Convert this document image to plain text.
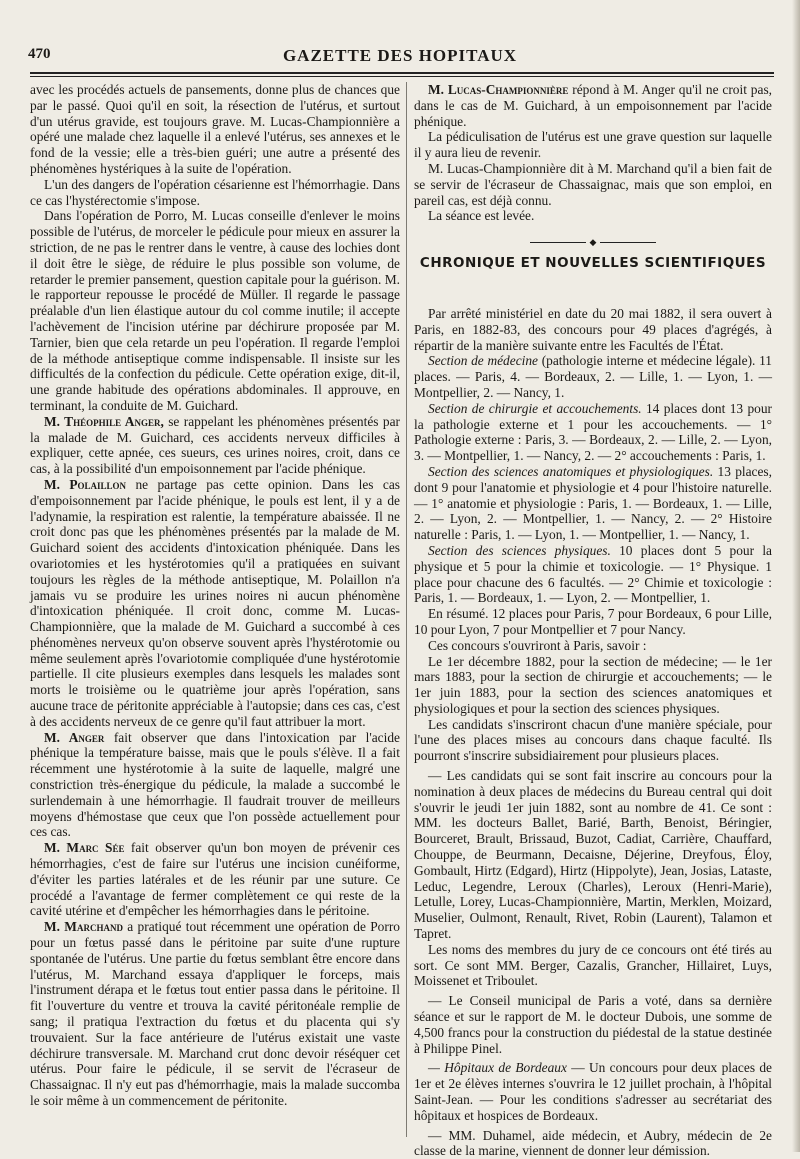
470	GAZETTE DES HOPITAUX

avec les procédés actuels de pansements, donne plus de chances que par le passé. Quoi qu'il en soit, la résection de l'utérus, et surtout d'un utérus gravide, est toujours grave. M. Lucas-Championnière a opéré une malade chez laquelle il a enlevé l'utérus, ses annexes et le fond de la vessie; elle a très-bien guéri; une autre a présenté des phénomènes hystériques à la suite de l'opération.

L'un des dangers de l'opération césarienne est l'hémorrhagie. Dans ce cas l'hystérectomie s'impose.

Dans l'opération de Porro, M. Lucas conseille d'enlever le moins possible de l'utérus, de morceler le pédicule pour mieux en assurer la striction, de ne pas le rentrer dans le ventre, à cause des lochies dont il doit être le siège, de réduire le plus possible son volume, de retarder le premier pansement, question capitale pour la guérison. M. le rapporteur repousse le procédé de Müller. Il regarde le passage préalable d'un lien élastique autour du col comme inutile; il accepte l'achèvement de l'incision utérine par déchirure proposée par M. Tarnier, bien que cela retarde un peu l'opération. Il regarde l'emploi de la méthode antiseptique comme indispensable. Il insiste sur les difficultés de la confection du pédicule. Cette opération exige, dit-il, une grande habitude des opérations abdominales. Il approuve, en terminant, la conduite de M. Guichard.

M. Théophile Anger, se rappelant les phénomènes présentés par la malade de M. Guichard, ces accidents nerveux difficiles à expliquer, cette apnée, ces sueurs, ces urines noires, croit, dans ce cas, à la possibilité d'un empoisonnement par l'acide phénique.

M. Polaillon ne partage pas cette opinion. Dans les cas d'empoisonnement par l'acide phénique, le pouls est lent, il y a de l'adynamie, la respiration est ralentie, la température abaissée. Il ne croit donc pas que les phénomènes présentés par la malade de M. Guichard soient des accidents d'intoxication phéniquée. Dans les ovariotomies et les hystérotomies qu'il a pratiquées en suivant toujours les règles de la méthode antiseptique, M. Polaillon n'a jamais vu se produire les urines noires ni aucun phénomène d'intoxication phéniquée. Il croit donc, comme M. Lucas-Championnière, que la malade de M. Guichard a succombé à ces phénomènes nerveux qu'on observe souvent après l'hystérotomie ou même seulement après l'ovariotomie compliquée d'une hystérotomie partielle. Il cite plusieurs exemples dans lesquels les malades sont morts le troisième ou le quatrième jour après l'opération, sans aucune trace de péritonite appréciable à l'autopsie; dans ces cas, c'est à des accidents nerveux de ce genre qu'il faut attribuer la mort.

M. Anger fait observer que dans l'intoxication par l'acide phénique la température baisse, mais que le pouls s'élève. Il a fait récemment une hystérotomie à la suite de laquelle, malgré une constriction très-énergique du pédicule, la malade a succombé le surlendemain à une hémorrhagie. Il faudrait trouver de meilleurs moyens d'hémostase que ceux que l'on possède actuellement pour ces cas.

M. Marc Sée fait observer qu'un bon moyen de prévenir ces hémorrhagies, c'est de faire sur l'utérus une incision cunéiforme, d'éviter les parties latérales et de les réunir par une suture. Ce procédé a l'avantage de fermer complètement ce qui reste de la cavité utérine et d'empêcher les hémorrhagies dans le péritoine.

M. Marchand a pratiqué tout récemment une opération de Porro pour un fœtus passé dans le péritoine par suite d'une rupture spontanée de l'utérus. Une partie du fœtus semblant être encore dans l'utérus, M. Marchand essaya d'appliquer le forceps, mais l'instrument dérapa et le fœtus tout entier passa dans le péritoine. Il fit l'ouverture du ventre et trouva la cavité péritonéale remplie de sang; il pratiqua l'extraction du fœtus et du placenta qui s'y trouvaient. Sur la face antérieure de l'utérus existait une vaste déchirure transversale. M. Marchand crut donc devoir réséquer cet utérus. Pour faire le pédicule, il se servit de l'écraseur de Chassaignac. Il n'y eut pas d'hémorrhagie, mais la malade succomba le soir même à un commencement de péritonite.

M. Lucas-Championnière répond à M. Anger qu'il ne croit pas, dans le cas de M. Guichard, à un empoisonnement par l'acide phénique.

La pédiculisation de l'utérus est une grave question sur laquelle il y aura lieu de revenir.

M. Lucas-Championnière dit à M. Marchand qu'il a bien fait de se servir de l'écraseur de Chassaignac, mais que son emploi, en pareil cas, est déjà connu.

La séance est levée.

◆
CHRONIQUE ET NOUVELLES SCIENTIFIQUES

Par arrêté ministériel en date du 20 mai 1882, il sera ouvert à Paris, en 1882-83, des concours pour 49 places d'agrégés, à répartir de la manière suivante entre les Facultés de l'État.

Section de médecine (pathologie interne et médecine légale). 11 places. — Paris, 4. — Bordeaux, 2. — Lille, 1. — Lyon, 1. — Montpellier, 2. — Nancy, 1.

Section de chirurgie et accouchements. 14 places dont 13 pour la pathologie externe et 1 pour les accouchements. — 1° Pathologie externe : Paris, 3. — Bordeaux, 2. — Lille, 2. — Lyon, 3. — Montpellier, 1. — Nancy, 2. — 2° accouchements : Paris, 1.

Section des sciences anatomiques et physiologiques. 13 places, dont 9 pour l'anatomie et physiologie et 4 pour l'histoire naturelle. — 1° anatomie et physiologie : Paris, 1. — Bordeaux, 1. — Lille, 2. — Lyon, 2. — Montpellier, 1. — Nancy, 2. — 2° Histoire naturelle : Paris, 1. — Lyon, 1. — Montpellier, 1. — Nancy, 1.

Section des sciences physiques. 10 places dont 5 pour la physique et 5 pour la chimie et toxicologie. — 1° Physique. 1 place pour chacune des 6 facultés. — 2° Chimie et toxicologie : Paris, 1. — Bordeaux, 1. — Lyon, 2. — Montpellier, 1.

En résumé. 12 places pour Paris, 7 pour Bordeaux, 6 pour Lille, 10 pour Lyon, 7 pour Montpellier et 7 pour Nancy.

Ces concours s'ouvriront à Paris, savoir :

Le 1er décembre 1882, pour la section de médecine; — le 1er mars 1883, pour la section de chirurgie et accouchements; — le 1er juin 1883, pour la section des sciences anatomiques et physiologiques et pour la section des sciences physiques.

Les candidats s'inscriront chacun d'une manière spéciale, pour l'une des places mises au concours dans chaque faculté. Ils pourront s'inscrire subsidiairement pour plusieurs places.

— Les candidats qui se sont fait inscrire au concours pour la nomination à deux places de médecins du Bureau central qui doit s'ouvrir le jeudi 1er juin 1882, sont au nombre de 41. Ce sont : MM. les docteurs Ballet, Barié, Barth, Benoist, Béringier, Bourceret, Brault, Brissaud, Buzot, Cadiat, Carrière, Chauffard, Chouppe, de Beurmann, Decaisne, Déjerine, Dreyfous, Éloy, Gombault, Hirtz (Edgard), Hirtz (Hippolyte), Jean, Josias, Lataste, Leduc, Legendre, Leroux (Charles), Leroux (Henri-Marie), Letulle, Lorey, Lucas-Championnière, Martin, Merklen, Moizard, Muselier, Oulmont, Renault, Rivet, Robin (Laurent), Talamon et Tapret.

Les noms des membres du jury de ce concours ont été tirés au sort. Ce sont MM. Berger, Cazalis, Grancher, Hillairet, Luys, Moissenet et Triboulet.

— Le Conseil municipal de Paris a voté, dans sa dernière séance et sur le rapport de M. le docteur Dubois, une somme de 4,500 francs pour la construction du piédestal de la statue destinée à Philippe Pinel.

— Hôpitaux de Bordeaux — Un concours pour deux places de 1er et 2e élèves internes s'ouvrira le 12 juillet prochain, à l'hôpital Saint-Jean. — Pour les conditions s'adresser au secrétariat des hôpitaux et hospices de Bordeaux.

— MM. Duhamel, aide médecin, et Aubry, médecin de 2e classe de la marine, viennent de donner leur démission.
